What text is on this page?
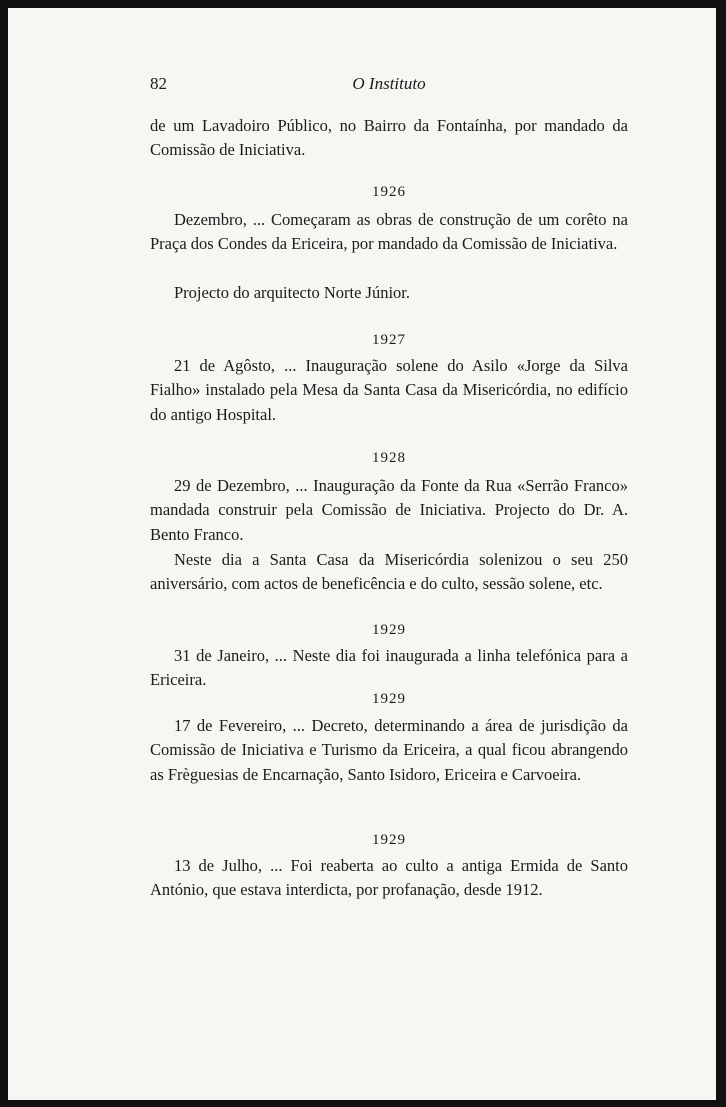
82	O Instituto

de um Lavadoiro Público, no Bairro da Fontaínha, por mandado da Comissão de Iniciativa.

1926

Dezembro, ... Começaram as obras de construção de um corêto na Praça dos Condes da Ericeira, por mandado da Comissão de Iniciativa.

Projecto do arquitecto Norte Júnior.

1927

21 de Agôsto, ... Inauguração solene do Asilo «Jorge da Silva Fialho» instalado pela Mesa da Santa Casa da Misericórdia, no edifício do antigo Hospital.

1928

29 de Dezembro, ... Inauguração da Fonte da Rua «Serrão Franco» mandada construir pela Comissão de Iniciativa. Projecto do Dr. A. Bento Franco.

Neste dia a Santa Casa da Misericórdia solenizou o seu 250 aniversário, com actos de beneficência e do culto, sessão solene, etc.

1929

31 de Janeiro, ... Neste dia foi inaugurada a linha telefónica para a Ericeira.

1929

17 de Fevereiro, ... Decreto, determinando a área de jurisdição da Comissão de Iniciativa e Turismo da Ericeira, a qual ficou abrangendo as Frèguesias de Encarnação, Santo Isidoro, Ericeira e Carvoeira.

1929

13 de Julho, ... Foi reaberta ao culto a antiga Ermida de Santo António, que estava interdicta, por profanação, desde 1912.
